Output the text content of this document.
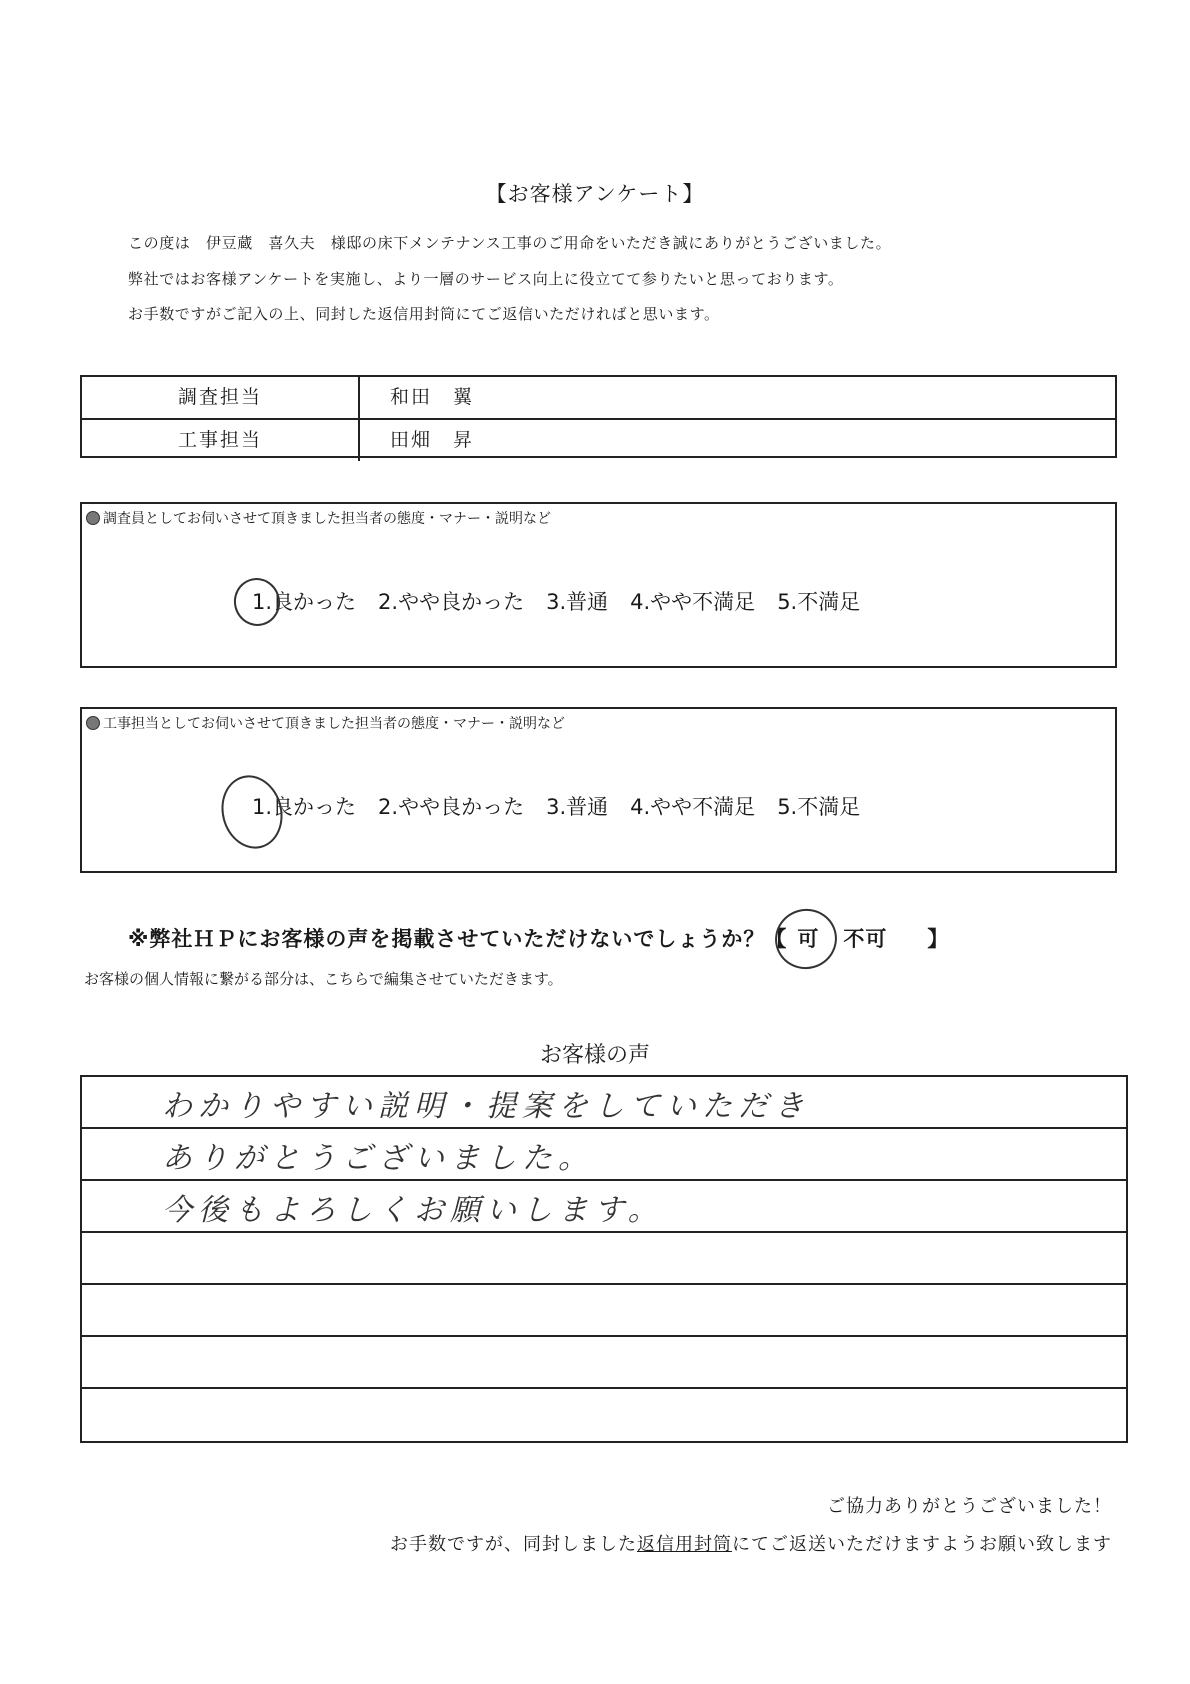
【お客様アンケート】
この度は　伊豆蔵　喜久夫　様邸の床下メンテナンス工事のご用命をいただき誠にありがとうございました。
弊社ではお客様アンケートを実施し、より一層のサービス向上に役立てて参りたいと思っております。
お手数ですがご記入の上、同封した返信用封筒にてご返信いただければと思います。
調査担当	和田　翼
工事担当	田畑　昇
調査員としてお伺いさせて頂きました担当者の態度・マナー・説明など
1.良かった 2.やや良かった 3.普通 4.やや不満足 5.不満足
工事担当としてお伺いさせて頂きました担当者の態度・マナー・説明など
1.良かった 2.やや良かった 3.普通 4.やや不満足 5.不満足
※弊社ＨＰにお客様の声を掲載させていただけないでしょうか？ 【 可 不可 】
お客様の個人情報に繋がる部分は、こちらで編集させていただきます。
お客様の声
わかりやすい説明・提案をしていただき
ありがとうございました。
今後もよろしくお願いします。
ご協力ありがとうございました！
お手数ですが、同封しました返信用封筒にてご返送いただけますようお願い致します
